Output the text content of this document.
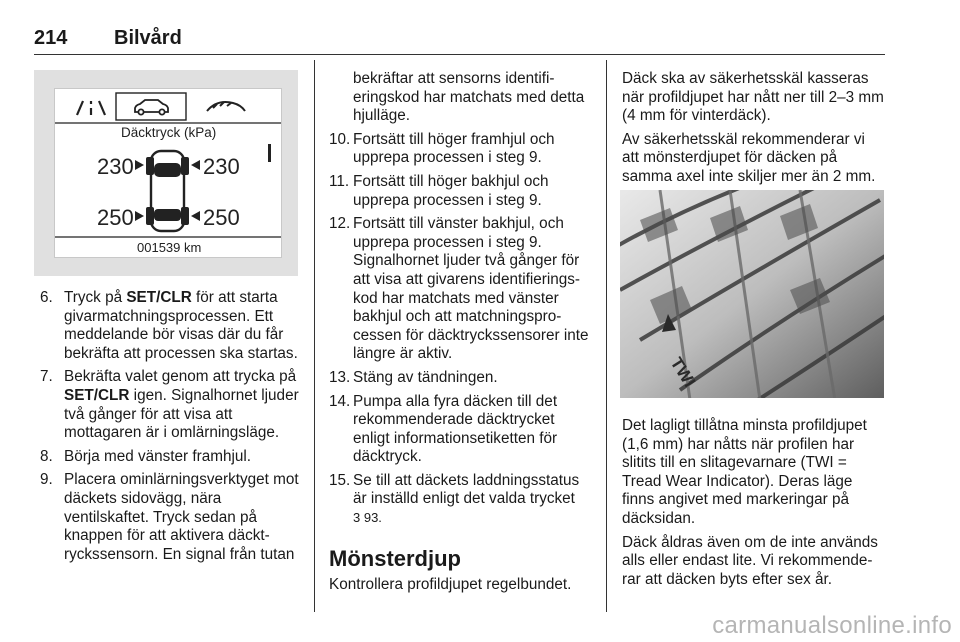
214 Bilvård
Däcktryck (kPa)
230	230
250	250
001539 km
6. Tryck på SET/CLR för att starta givarmatchningsprocessen. Ett meddelande bör visas där du får bekräfta att processen ska startas.
7. Bekräfta valet genom att trycka på SET/CLR igen. Signalhornet ljuder två gånger för att visa att mottagaren är i omlärningsläge.
8. Börja med vänster framhjul.
9. Placera ominlärningsverktyget mot däckets sidovägg, nära ventilskaftet. Tryck sedan på knappen för att aktivera däckt-ryckssensorn. En signal från tutan
bekräftar att sensorns identifi-eringskod har matchats med detta hjulläge.
10. Fortsätt till höger framhjul och upprepa processen i steg 9.
11. Fortsätt till höger bakhjul och upprepa processen i steg 9.
12. Fortsätt till vänster bakhjul, och upprepa processen i steg 9. Signalhornet ljuder två gånger för att visa att givarens identifierings-kod har matchats med vänster bakhjul och att matchningspro-cessen för däcktryckssensorer inte längre är aktiv.
13. Stäng av tändningen.
14. Pumpa alla fyra däcken till det rekommenderade däcktrycket enligt informationsetiketten för däcktryck.
15. Se till att däckets laddningsstatus är inställd enligt det valda trycket
3 93.
Mönsterdjup

Kontrollera profildjupet regelbundet.

Däck ska av säkerhetsskäl kasseras när profildjupet har nått ner till 2–3 mm (4 mm för vinterdäck).

Av säkerhetsskäl rekommenderar vi att mönsterdjupet för däcken på samma axel inte skiljer mer än 2 mm.

TWI

Det lagligt tillåtna minsta profildjupet (1,6 mm) har nåtts när profilen har slitits till en slitagevarnare (TWI = Tread Wear Indicator). Deras läge finns angivet med markeringar på däcksidan.

Däck åldras även om de inte används alls eller endast lite. Vi rekommende-rar att däcken byts efter sex år.

carmanualsonline.info
